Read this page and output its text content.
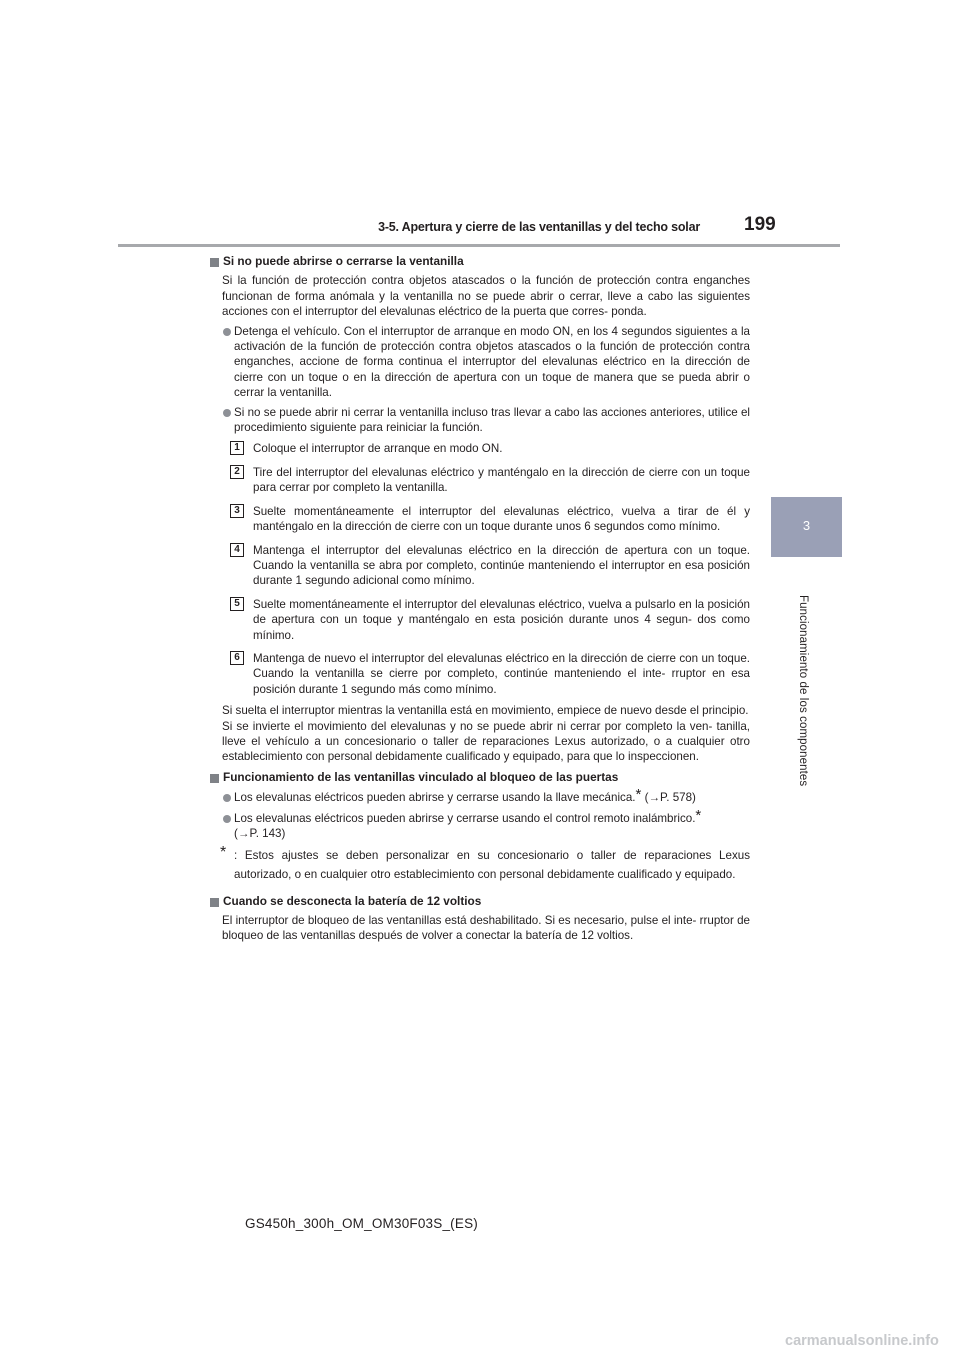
3-5. Apertura y cierre de las ventanillas y del techo solar 199
3
Funcionamiento de los componentes
Si no puede abrirse o cerrarse la ventanilla
Si la función de protección contra objetos atascados o la función de protección contra enganches funcionan de forma anómala y la ventanilla no se puede abrir o cerrar, lleve a cabo las siguientes acciones con el interruptor del elevalunas eléctrico de la puerta que corres- ponda.
Detenga el vehículo. Con el interruptor de arranque en modo ON, en los 4 segundos siguientes a la activación de la función de protección contra objetos atascados o la función de protección contra enganches, accione de forma continua el interruptor del elevalunas eléctrico en la dirección de cierre con un toque o en la dirección de apertura con un toque de manera que se pueda abrir o cerrar la ventanilla.
Si no se puede abrir ni cerrar la ventanilla incluso tras llevar a cabo las acciones anteriores, utilice el procedimiento siguiente para reiniciar la función.
1	Coloque el interruptor de arranque en modo ON.
2	Tire del interruptor del elevalunas eléctrico y manténgalo en la dirección de cierre con un toque para cerrar por completo la ventanilla.
3	Suelte momentáneamente el interruptor del elevalunas eléctrico, vuelva a tirar de él y manténgalo en la dirección de cierre con un toque durante unos 6 segundos como mínimo.
4	Mantenga el interruptor del elevalunas eléctrico en la dirección de apertura con un toque. Cuando la ventanilla se abra por completo, continúe manteniendo el interruptor en esa posición durante 1 segundo adicional como mínimo.
5	Suelte momentáneamente el interruptor del elevalunas eléctrico, vuelva a pulsarlo en la posición de apertura con un toque y manténgalo en esta posición durante unos 4 segun- dos como mínimo.
6	Mantenga de nuevo el interruptor del elevalunas eléctrico en la dirección de cierre con un toque. Cuando la ventanilla se cierre por completo, continúe manteniendo el inte- rruptor en esa posición durante 1 segundo más como mínimo.
Si suelta el interruptor mientras la ventanilla está en movimiento, empiece de nuevo desde el principio.
Si se invierte el movimiento del elevalunas y no se puede abrir ni cerrar por completo la ven- tanilla, lleve el vehículo a un concesionario o taller de reparaciones Lexus autorizado, o a cualquier otro establecimiento con personal debidamente cualificado y equipado, para que lo inspeccionen.
Funcionamiento de las ventanillas vinculado al bloqueo de las puertas
Los elevalunas eléctricos pueden abrirse y cerrarse usando la llave mecánica.* (→P. 578)
Los elevalunas eléctricos pueden abrirse y cerrarse usando el control remoto inalámbrico.*
(→P. 143)
* : Estos ajustes se deben personalizar en su concesionario o taller de reparaciones Lexus autorizado, o en cualquier otro establecimiento con personal debidamente cualificado y equipado.
Cuando se desconecta la batería de 12 voltios
El interruptor de bloqueo de las ventanillas está deshabilitado. Si es necesario, pulse el inte- rruptor de bloqueo de las ventanillas después de volver a conectar la batería de 12 voltios.
GS450h_300h_OM_OM30F03S_(ES)
carmanualsonline.info
